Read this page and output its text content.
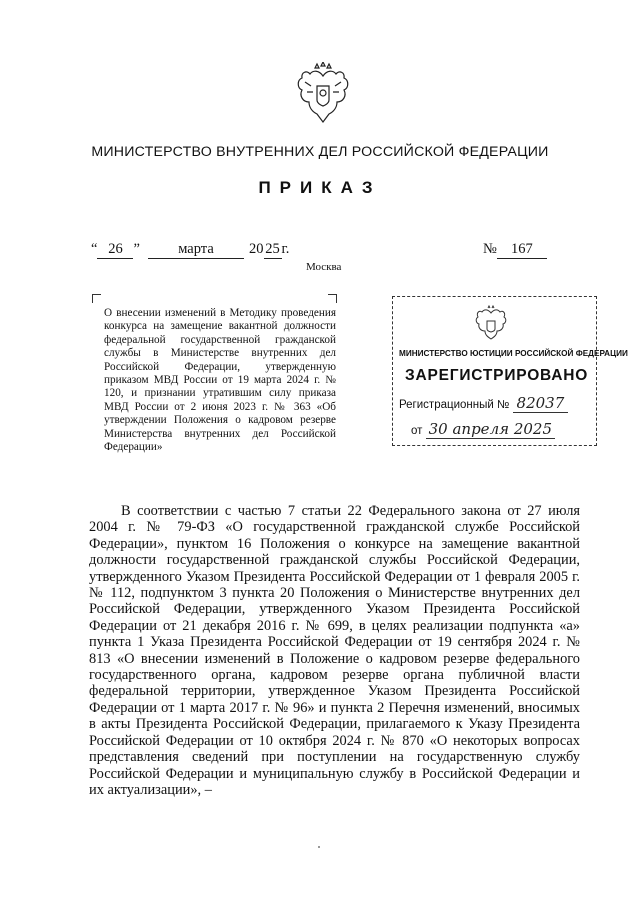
МИНИСТЕРСТВО ВНУТРЕННИХ ДЕЛ РОССИЙСКОЙ ФЕДЕРАЦИИ
ПРИКАЗ
“ 26 ”	марта	20 25 г.	№ 167
Москва
О внесении изменений в Методику проведения конкурса на замещение вакантной должности федеральной государственной гражданской службы в Министерстве внутренних дел Российской Федерации, утвержденную приказом МВД России от 19 марта 2024 г. № 120, и признании утратившим силу приказа МВД России от 2 июня 2023 г. № 363 «Об утверждении Положения о кадровом резерве Министерства внутренних дел Российской Федерации»
МИНИСТЕРСТВО ЮСТИЦИИ РОССИЙСКОЙ ФЕДЕРАЦИИ
ЗАРЕГИСТРИРОВАНО
Регистрационный № 82037
от 30 апреля 2025
В соответствии с частью 7 статьи 22 Федерального закона от 27 июля 2004 г. № 79-ФЗ «О государственной гражданской службе Российской Федерации», пунктом 16 Положения о конкурсе на замещение вакантной должности государственной гражданской службы Российской Федерации, утвержденного Указом Президента Российской Федерации от 1 февраля 2005 г. № 112, подпунктом 3 пункта 20 Положения о Министерстве внутренних дел Российской Федерации, утвержденного Указом Президента Российской Федерации от 21 декабря 2016 г. № 699, в целях реализации подпункта «а» пункта 1 Указа Президента Российской Федерации от 19 сентября 2024 г. № 813 «О внесении изменений в Положение о кадровом резерве федерального государственного органа, кадровом резерве органа публичной власти федеральной территории, утвержденное Указом Президента Российской Федерации от 1 марта 2017 г. № 96» и пункта 2 Перечня изменений, вносимых в акты Президента Российской Федерации, прилагаемого к Указу Президента Российской Федерации от 10 октября 2024 г. № 870 «О некоторых вопросах представления сведений при поступлении на государственную службу Российской Федерации и муниципальную службу в Российской Федерации и их актуализации», –
